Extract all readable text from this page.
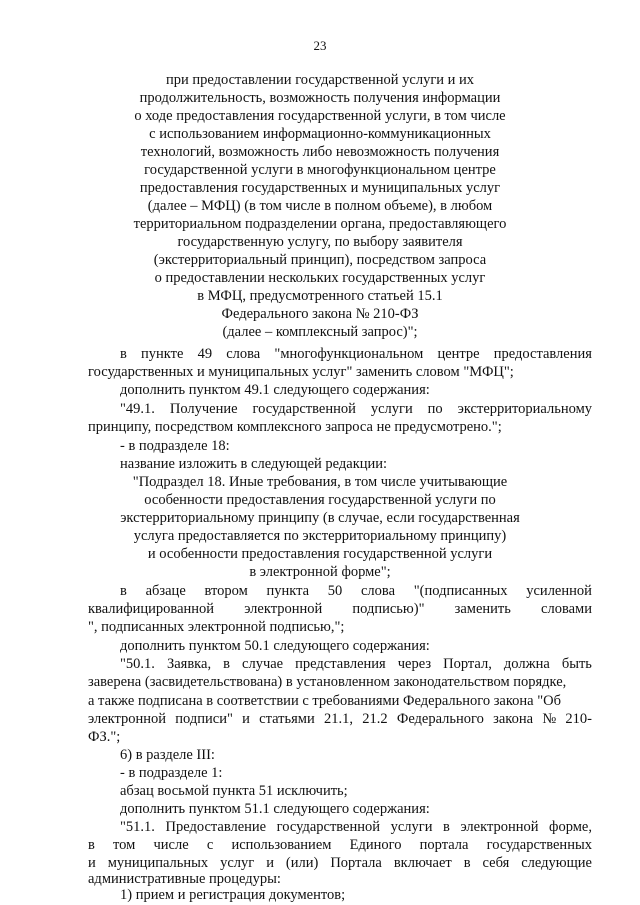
23
при предоставлении государственной услуги и их
продолжительность, возможность получения информации
о ходе предоставления государственной услуги, в том числе
с использованием информационно-коммуникационных
технологий, возможность либо невозможность получения
государственной услуги в многофункциональном центре
предоставления государственных и муниципальных услуг
(далее – МФЦ) (в том числе в полном объеме), в любом
территориальном подразделении органа, предоставляющего
государственную услугу, по выбору заявителя
(экстерриториальный принцип), посредством запроса
о предоставлении нескольких государственных услуг
в МФЦ, предусмотренного статьей 15.1
Федерального закона № 210-ФЗ
(далее – комплексный запрос)";
в пункте 49 слова "многофункциональном центре предоставления
государственных и муниципальных услуг" заменить словом "МФЦ";
дополнить пунктом 49.1 следующего содержания:
"49.1. Получение государственной услуги по экстерриториальному
принципу, посредством комплексного запроса не предусмотрено.";
- в подразделе 18:
название изложить в следующей редакции:
"Подраздел 18. Иные требования, в том числе учитывающие
особенности предоставления государственной услуги по
экстерриториальному принципу (в случае, если государственная
услуга предоставляется по экстерриториальному принципу)
и особенности предоставления государственной услуги
в электронной форме";
в абзаце втором пункта 50 слова "(подписанных усиленной
квалифицированной электронной подписью)" заменить словами
", подписанных электронной подписью,";
дополнить пунктом 50.1 следующего содержания:
"50.1. Заявка, в случае представления через Портал, должна быть
заверена (засвидетельствована) в установленном законодательством порядке,
а также подписана в соответствии с требованиями Федерального закона "Об
электронной подписи" и статьями 21.1, 21.2 Федерального закона № 210-
ФЗ.";
6) в разделе III:
- в подразделе 1:
абзац восьмой пункта 51 исключить;
дополнить пунктом 51.1 следующего содержания:
"51.1. Предоставление государственной услуги в электронной форме,
в том числе с использованием Единого портала государственных
и муниципальных услуг и (или) Портала включает в себя следующие
административные процедуры:
1) прием и регистрация документов;
